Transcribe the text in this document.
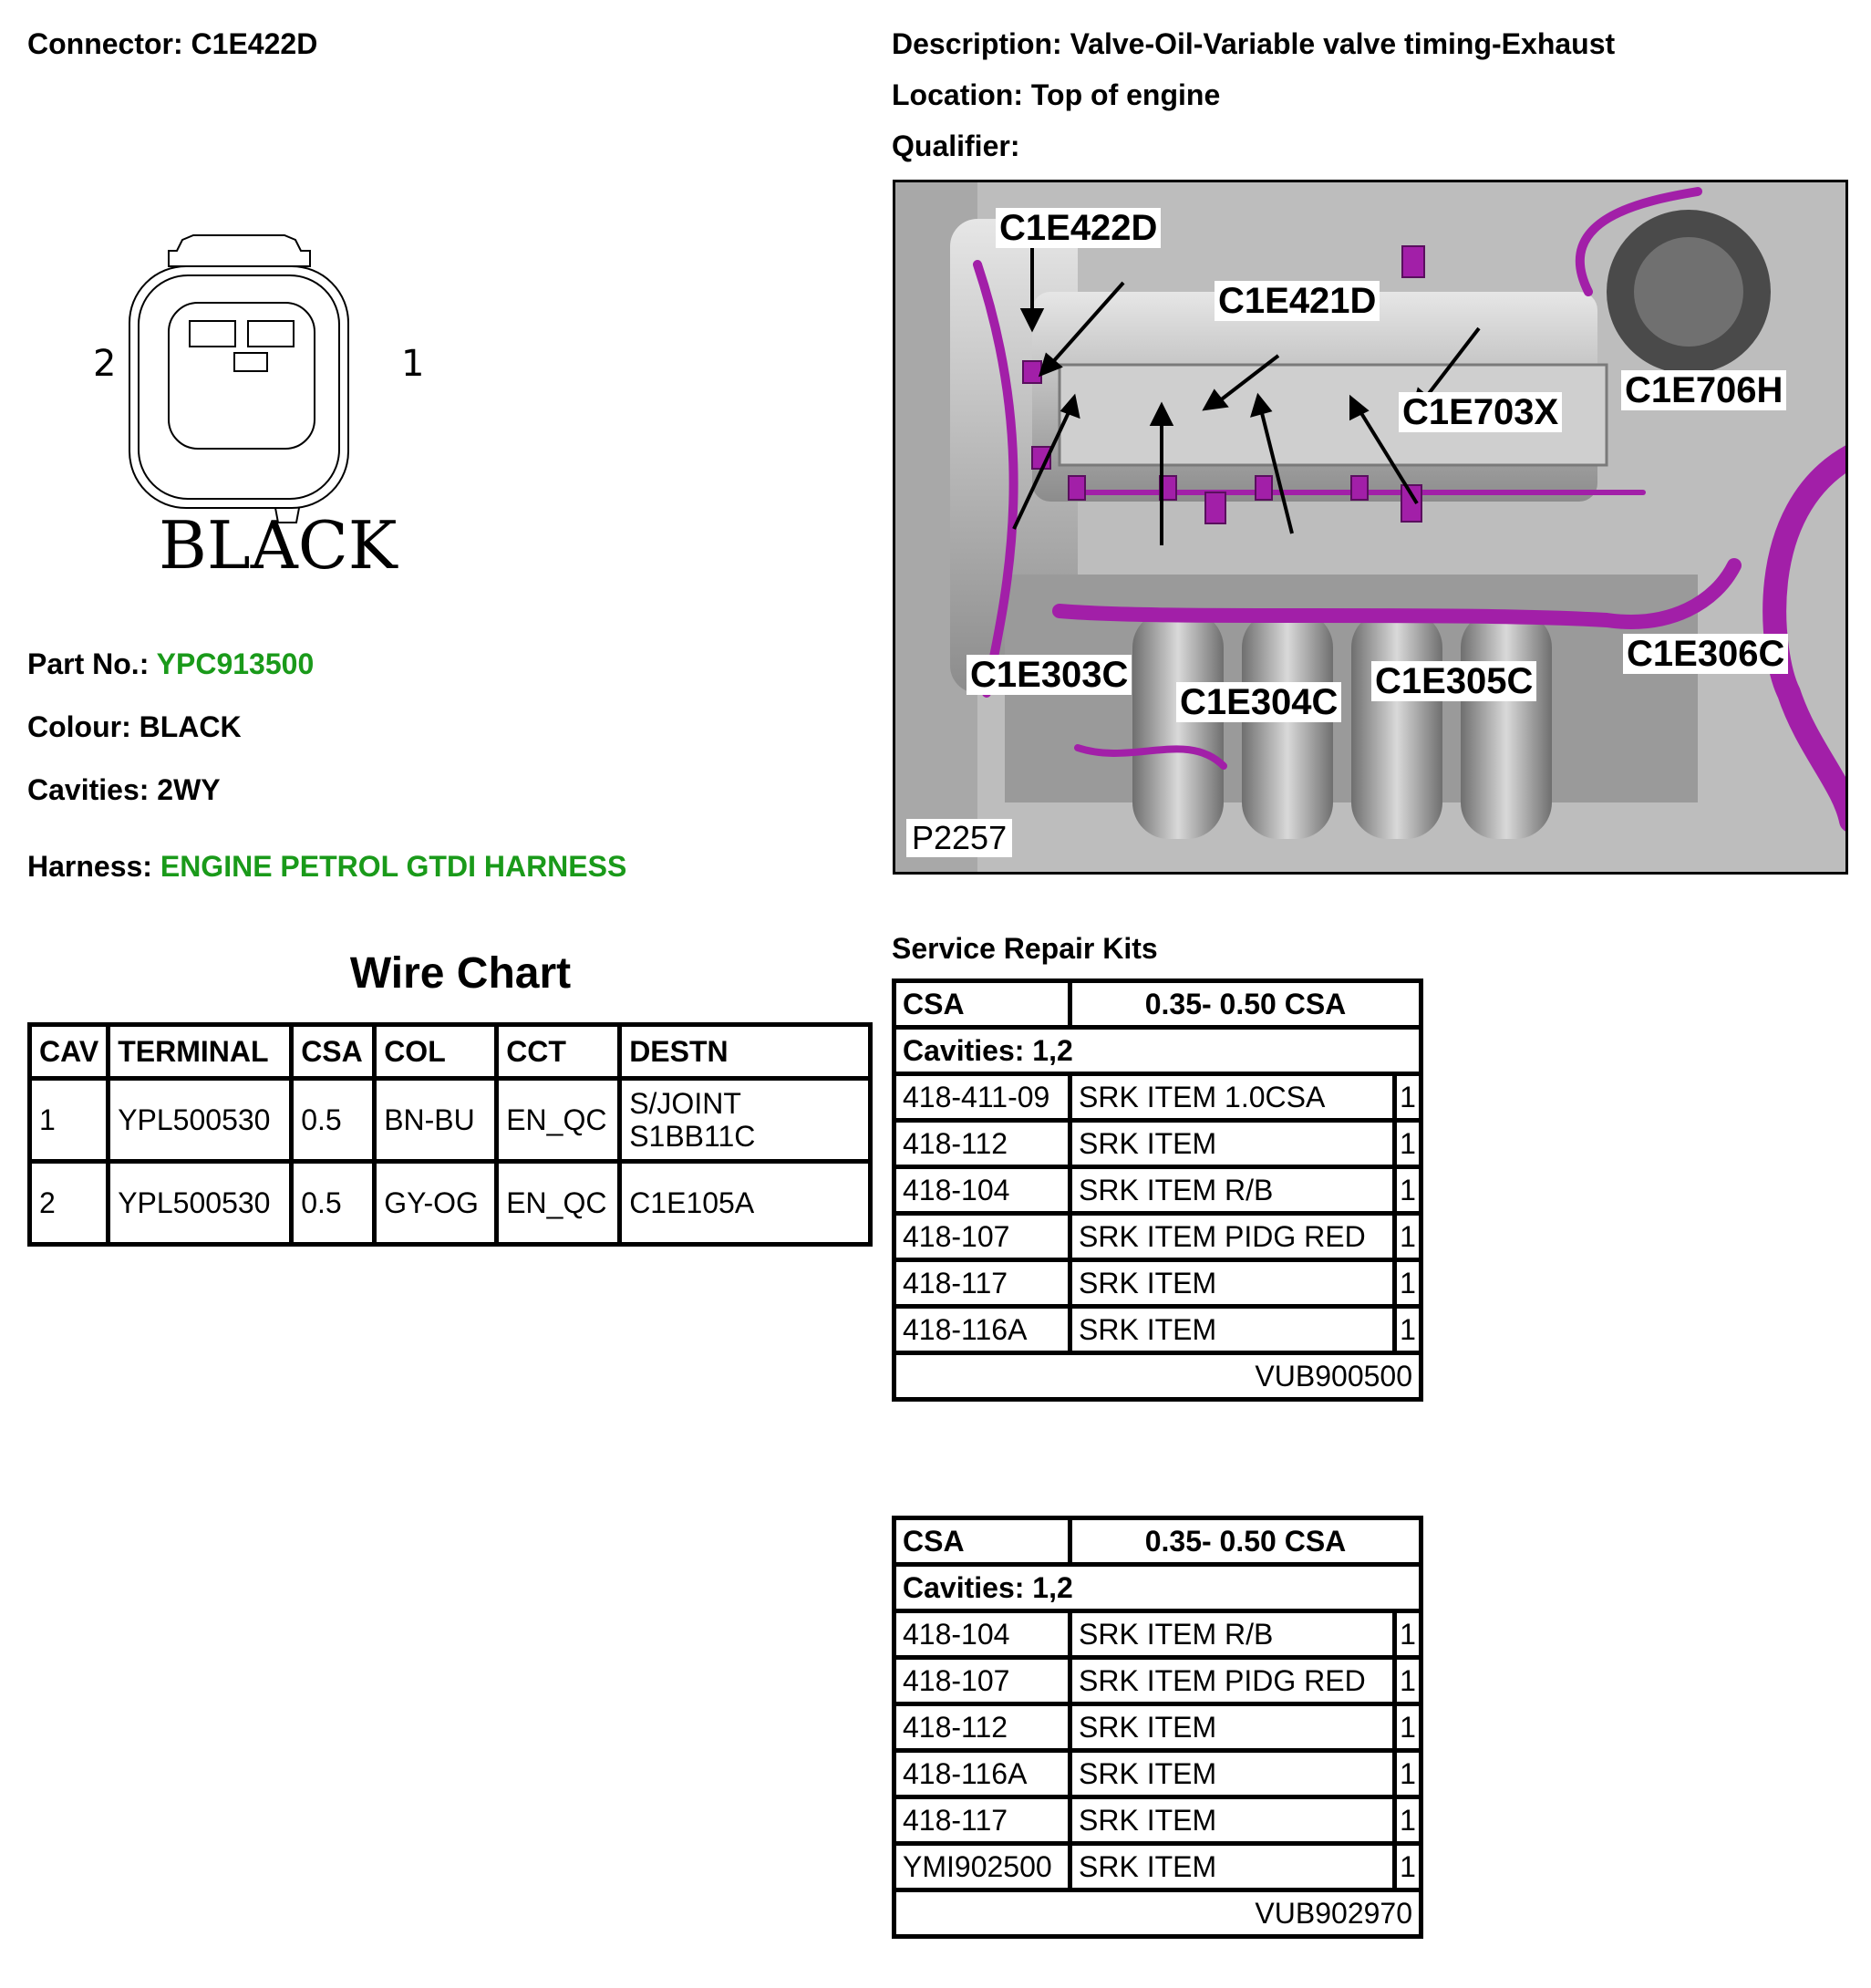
Connector: C1E422D	Description: Valve-Oil-Variable valve timing-Exhaust
Location: Top of engine
Qualifier:
2	1
BLACK
Part No.: YPC913500
Colour: BLACK
Cavities: 2WY
Harness: ENGINE PETROL GTDI HARNESS
Wire Chart
CAV	TERMINAL	CSA	COL	CCT	DESTN
1	YPL500530	0.5	BN-BU	EN_QC	S/JOINT S1BB11C
2	YPL500530	0.5	GY-OG	EN_QC	C1E105A
C1E422D
C1E421D
C1E703X
C1E706H
C1E303C
C1E304C
C1E305C
C1E306C
P2257
Service Repair Kits
CSA	0.35- 0.50 CSA	
Cavities: 1,2		
418-411-09	SRK ITEM 1.0CSA	1
418-112	SRK ITEM	1
418-104	SRK ITEM R/B	1
418-107	SRK ITEM PIDG RED	1
418-117	SRK ITEM	1
418-116A	SRK ITEM	1
VUB900500		
CSA	0.35- 0.50 CSA	
Cavities: 1,2		
418-104	SRK ITEM R/B	1
418-107	SRK ITEM PIDG RED	1
418-112	SRK ITEM	1
418-116A	SRK ITEM	1
418-117	SRK ITEM	1
YMI902500	SRK ITEM	1
VUB902970		
